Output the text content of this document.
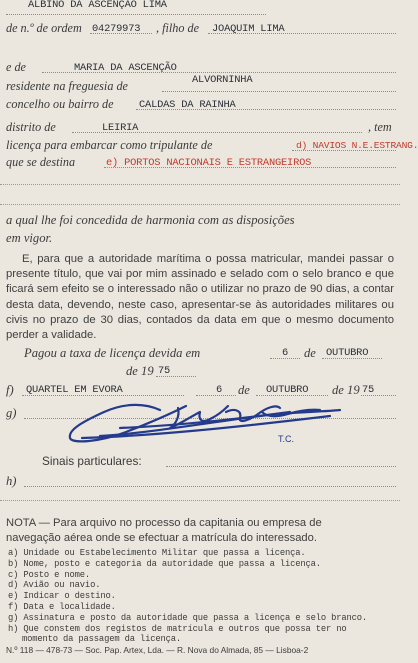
ALBINO DA ASCENÇÃO LIMA
de n.º de ordem 04279973 , filho de JOAQUIM LIMA
e de	MARIA DA ASCENÇÃO
residente na freguesia de	ALVORNINHA
concelho ou bairro de CALDAS DA RAINHA
distrito de	LEIRIA	, tem
licença para embarcar como tripulante de	d) NAVIOS N.E.ESTRANG.
que se destina	e) PORTOS NACIONAIS E ESTRANGEIROS
a qual lhe foi concedida de harmonia com as disposições
em vigor.

E, para que a autoridade marítima o possa matricular, mandei passar o presente título, que vai por mim assinado e selado com o selo branco e que ficará sem efeito se o interessado não o utilizar no prazo de 90 dias, a contar desta data, devendo, neste caso, apresentar-se às autoridades militares ou civis no prazo de 30 dias, contados da data em que o mesmo documento perder a validade.

Pagou a taxa de licença devida em	6 de OUTUBRO
de 19 75
f) QUARTEL EM EVORA	6 de OUTUBRO de 19 75
g)
T.C.
Sinais particulares:
h)
NOTA — Para arquivo no processo da capitania ou empresa de
navegação aérea onde se efectuar a matrícula do interessado.
a) Unidade ou Estabelecimento Militar que passa a licença.
b) Nome, posto e categoria da autoridade que passa a licença.
c) Posto e nome.
d) Avião ou navio.
e) Indicar o destino.
f) Data e localidade.
g) Assinatura e posto da autoridade que passa a licença e selo branco.
h) Que constem dos registos de matrícula e outros que possa ter no
momento da passagem da licença.
N.º 118 — 478-73 — Soc. Pap. Artex, Lda. — R. Nova do Almada, 85 — Lisboa-2
